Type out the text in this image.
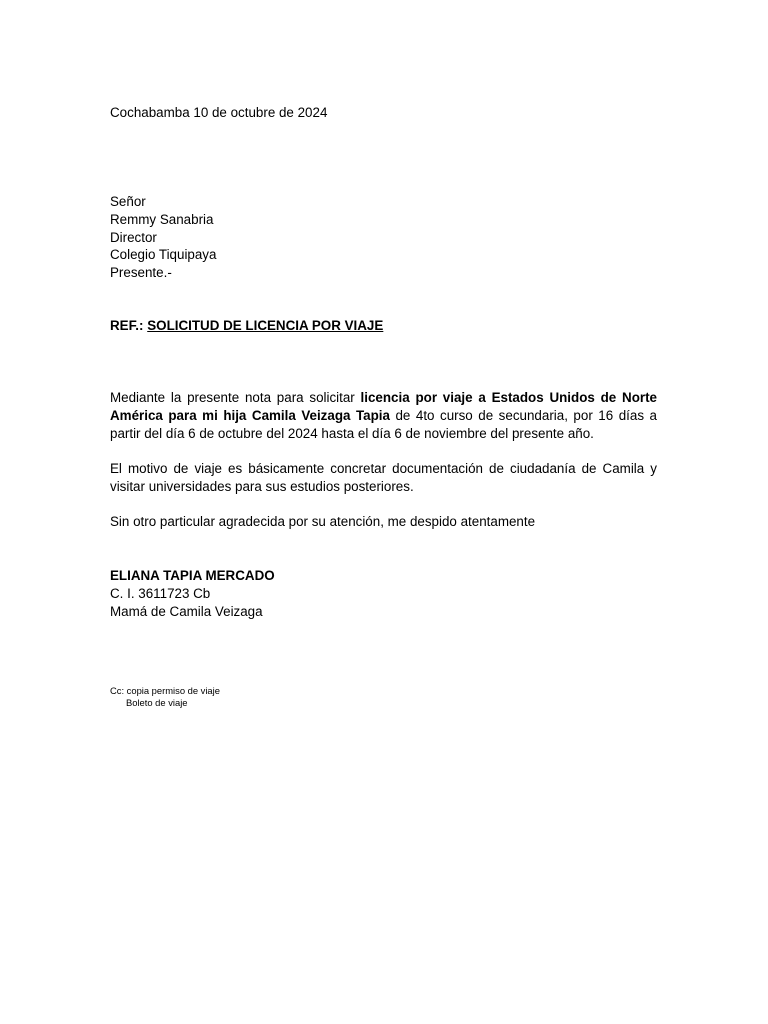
Cochabamba 10 de octubre de 2024
Señor
Remmy Sanabria
Director
Colegio Tiquipaya
Presente.-
REF.: SOLICITUD DE LICENCIA POR VIAJE
Mediante la presente nota para solicitar licencia por viaje a Estados Unidos de Norte América para mi hija Camila Veizaga Tapia de 4to curso de secundaria, por 16 días a partir del día 6 de octubre del 2024 hasta el día 6 de noviembre del presente año.
El motivo de viaje es básicamente concretar documentación de ciudadanía de Camila y visitar universidades para sus estudios posteriores.
Sin otro particular agradecida por su atención, me despido atentamente
ELIANA TAPIA MERCADO
C. I. 3611723 Cb
Mamá de Camila Veizaga
Cc: copia permiso de viaje
Boleto de viaje
